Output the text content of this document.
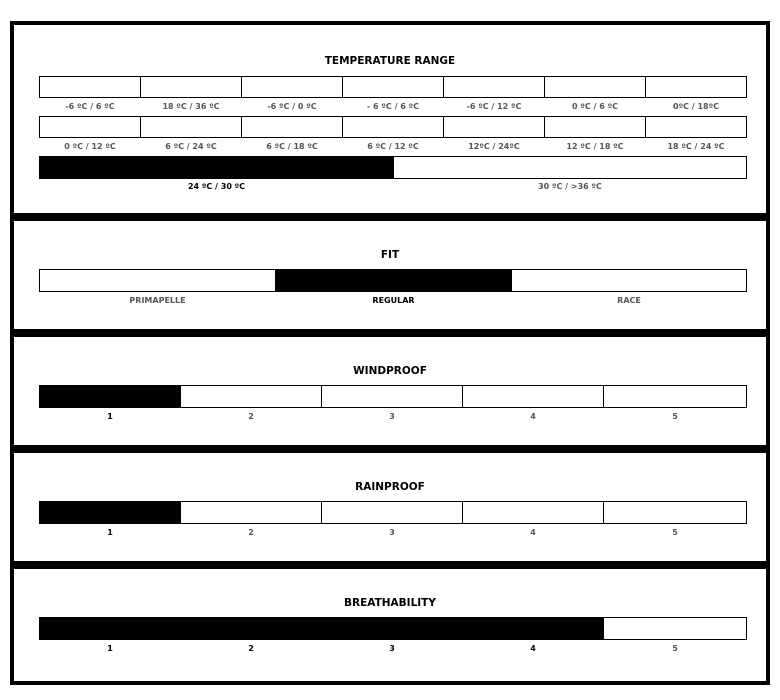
TEMPERATURE RANGE
-6 ºC / 6 ºC	18 ºC / 36 ºC	-6 ºC / 0 ºC	- 6 ºC / 6 ºC	-6 ºC / 12 ºC	0 ºC / 6 ºC	0ºC / 18ºC
0 ºC / 12 ºC	6 ºC / 24 ºC	6 ºC / 18 ºC	6 ºC / 12 ºC	12ºC / 24ºC	12 ºC / 18 ºC	18 ºC / 24 ºC
24 ºC / 30 ºC	30 ºC / >36 ºC
FIT
PRIMAPELLE	REGULAR	RACE
WINDPROOF
1	2	3	4	5
RAINPROOF
1	2	3	4	5
BREATHABILITY
1	2	3	4	5
